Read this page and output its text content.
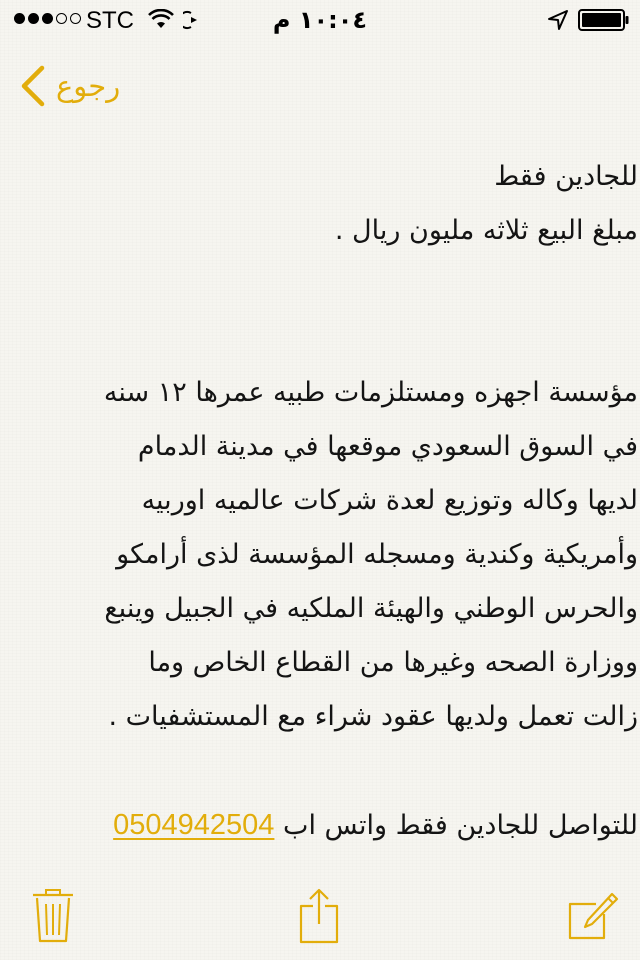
STC	١٠:٠٤ م
رجوع
للجادين فقط
مبلغ البيع ثلاثه مليون ريال .
مؤسسة اجهزه ومستلزمات طبيه عمرها ١٢ سنه
في السوق السعودي موقعها في مدينة الدمام
لديها وكاله وتوزيع لعدة شركات عالميه اوربيه
وأمريكية وكندية ومسجله المؤسسة لذى أرامكو
والحرس الوطني والهيئة الملكيه في الجبيل وينبع
ووزارة الصحه وغيرها من القطاع الخاص وما
زالت تعمل ولديها عقود شراء مع المستشفيات .
للتواصل للجادين فقط واتس اب 0504942504
